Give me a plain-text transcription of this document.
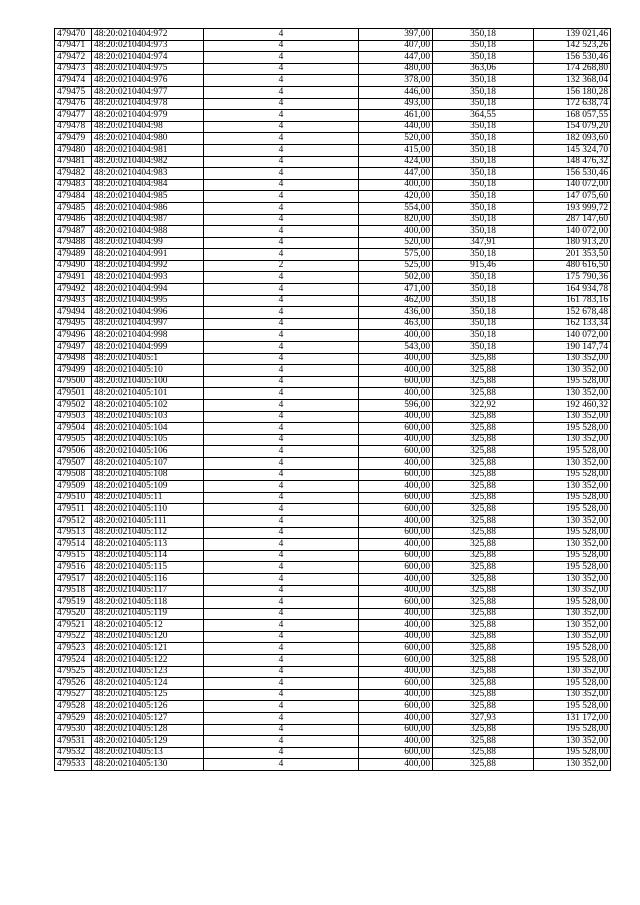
479470	48:20:0210404:972	4	397,00	350,18	139 021,46
479471	48:20:0210404:973	4	407,00	350,18	142 523,26
479472	48:20:0210404:974	4	447,00	350,18	156 530,46
479473	48:20:0210404:975	4	480,00	363,06	174 268,80
479474	48:20:0210404:976	4	378,00	350,18	132 368,04
479475	48:20:0210404:977	4	446,00	350,18	156 180,28
479476	48:20:0210404:978	4	493,00	350,18	172 638,74
479477	48:20:0210404:979	4	461,00	364,55	168 057,55
479478	48:20:0210404:98	4	440,00	350,18	154 079,20
479479	48:20:0210404:980	4	520,00	350,18	182 093,60
479480	48:20:0210404:981	4	415,00	350,18	145 324,70
479481	48:20:0210404:982	4	424,00	350,18	148 476,32
479482	48:20:0210404:983	4	447,00	350,18	156 530,46
479483	48:20:0210404:984	4	400,00	350,18	140 072,00
479484	48:20:0210404:985	4	420,00	350,18	147 075,60
479485	48:20:0210404:986	4	554,00	350,18	193 999,72
479486	48:20:0210404:987	4	820,00	350,18	287 147,60
479487	48:20:0210404:988	4	400,00	350,18	140 072,00
479488	48:20:0210404:99	4	520,00	347,91	180 913,20
479489	48:20:0210404:991	4	575,00	350,18	201 353,50
479490	48:20:0210404:992	2	525,00	915,46	480 616,50
479491	48:20:0210404:993	4	502,00	350,18	175 790,36
479492	48:20:0210404:994	4	471,00	350,18	164 934,78
479493	48:20:0210404:995	4	462,00	350,18	161 783,16
479494	48:20:0210404:996	4	436,00	350,18	152 678,48
479495	48:20:0210404:997	4	463,00	350,18	162 133,34
479496	48:20:0210404:998	4	400,00	350,18	140 072,00
479497	48:20:0210404:999	4	543,00	350,18	190 147,74
479498	48:20:0210405:1	4	400,00	325,88	130 352,00
479499	48:20:0210405:10	4	400,00	325,88	130 352,00
479500	48:20:0210405:100	4	600,00	325,88	195 528,00
479501	48:20:0210405:101	4	400,00	325,88	130 352,00
479502	48:20:0210405:102	4	596,00	322,92	192 460,32
479503	48:20:0210405:103	4	400,00	325,88	130 352,00
479504	48:20:0210405:104	4	600,00	325,88	195 528,00
479505	48:20:0210405:105	4	400,00	325,88	130 352,00
479506	48:20:0210405:106	4	600,00	325,88	195 528,00
479507	48:20:0210405:107	4	400,00	325,88	130 352,00
479508	48:20:0210405:108	4	600,00	325,88	195 528,00
479509	48:20:0210405:109	4	400,00	325,88	130 352,00
479510	48:20:0210405:11	4	600,00	325,88	195 528,00
479511	48:20:0210405:110	4	600,00	325,88	195 528,00
479512	48:20:0210405:111	4	400,00	325,88	130 352,00
479513	48:20:0210405:112	4	600,00	325,88	195 528,00
479514	48:20:0210405:113	4	400,00	325,88	130 352,00
479515	48:20:0210405:114	4	600,00	325,88	195 528,00
479516	48:20:0210405:115	4	600,00	325,88	195 528,00
479517	48:20:0210405:116	4	400,00	325,88	130 352,00
479518	48:20:0210405:117	4	400,00	325,88	130 352,00
479519	48:20:0210405:118	4	600,00	325,88	195 528,00
479520	48:20:0210405:119	4	400,00	325,88	130 352,00
479521	48:20:0210405:12	4	400,00	325,88	130 352,00
479522	48:20:0210405:120	4	400,00	325,88	130 352,00
479523	48:20:0210405:121	4	600,00	325,88	195 528,00
479524	48:20:0210405:122	4	600,00	325,88	195 528,00
479525	48:20:0210405:123	4	400,00	325,88	130 352,00
479526	48:20:0210405:124	4	600,00	325,88	195 528,00
479527	48:20:0210405:125	4	400,00	325,88	130 352,00
479528	48:20:0210405:126	4	600,00	325,88	195 528,00
479529	48:20:0210405:127	4	400,00	327,93	131 172,00
479530	48:20:0210405:128	4	600,00	325,88	195 528,00
479531	48:20:0210405:129	4	400,00	325,88	130 352,00
479532	48:20:0210405:13	4	600,00	325,88	195 528,00
479533	48:20:0210405:130	4	400,00	325,88	130 352,00
